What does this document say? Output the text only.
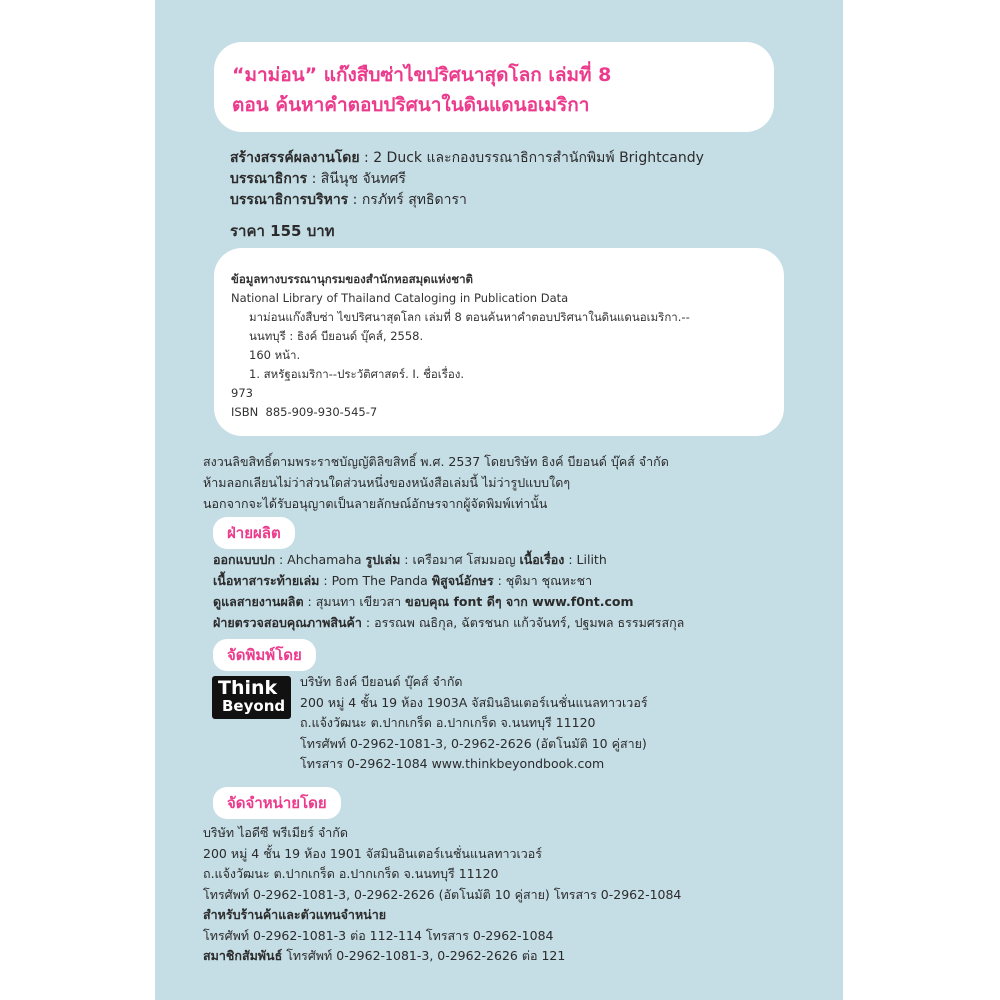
“มาม่อน” แก๊งสืบซ่าไขปริศนาสุดโลก เล่มที่ 8
ตอน ค้นหาคำตอบปริศนาในดินแดนอเมริกา
สร้างสรรค์ผลงานโดย : 2 Duck และกองบรรณาธิการสำนักพิมพ์ Brightcandy
บรรณาธิการ : สินีนุช จันทศรี
บรรณาธิการบริหาร : กรภัทร์ สุทธิดารา
ราคา 155 บาท
ข้อมูลทางบรรณานุกรมของสำนักหอสมุดแห่งชาติ
National Library of Thailand Cataloging in Publication Data
มาม่อนแก๊งสืบซ่า ไขปริศนาสุดโลก เล่มที่ 8 ตอนค้นหาคำตอบปริศนาในดินแดนอเมริกา.--
นนทบุรี : ธิงค์ บียอนด์ บุ๊คส์, 2558.
160 หน้า.
1. สหรัฐอเมริกา--ประวัติศาสตร์. I. ชื่อเรื่อง.
973
ISBN 885-909-930-545-7
สงวนลิขสิทธิ์ตามพระราชบัญญัติลิขสิทธิ์ พ.ศ. 2537 โดยบริษัท ธิงค์ บียอนด์ บุ๊คส์ จำกัด
ห้ามลอกเลียนไม่ว่าส่วนใดส่วนหนึ่งของหนังสือเล่มนี้ ไม่ว่ารูปแบบใดๆ
นอกจากจะได้รับอนุญาตเป็นลายลักษณ์อักษรจากผู้จัดพิมพ์เท่านั้น
ฝ่ายผลิต
ออกแบบปก : Ahchamaha รูปเล่ม : เครือมาศ โสมมอญ เนื้อเรื่อง : Lilith
เนื้อหาสาระท้ายเล่ม : Pom The Panda พิสูจน์อักษร : ชุติมา ชุณหะชา
ดูแลสายงานผลิต : สุมนทา เขียวสา ขอบคุณ font ดีๆ จาก www.f0nt.com
ฝ่ายตรวจสอบคุณภาพสินค้า : อรรณพ ณธิกุล, ฉัตรชนก แก้วจันทร์, ปฐมพล ธรรมศรสกุล
จัดพิมพ์โดย
Think
Beyond
บริษัท ธิงค์ บียอนด์ บุ๊คส์ จำกัด
200 หมู่ 4 ชั้น 19 ห้อง 1903A จัสมินอินเตอร์เนชั่นแนลทาวเวอร์
ถ.แจ้งวัฒนะ ต.ปากเกร็ด อ.ปากเกร็ด จ.นนทบุรี 11120
โทรศัพท์ 0-2962-1081-3, 0-2962-2626 (อัตโนมัติ 10 คู่สาย)
โทรสาร 0-2962-1084 www.thinkbeyondbook.com
จัดจำหน่ายโดย
บริษัท ไอดีซี พรีเมียร์ จำกัด
200 หมู่ 4 ชั้น 19 ห้อง 1901 จัสมินอินเตอร์เนชั่นแนลทาวเวอร์
ถ.แจ้งวัฒนะ ต.ปากเกร็ด อ.ปากเกร็ด จ.นนทบุรี 11120
โทรศัพท์ 0-2962-1081-3, 0-2962-2626 (อัตโนมัติ 10 คู่สาย) โทรสาร 0-2962-1084
สำหรับร้านค้าและตัวแทนจำหน่าย
โทรศัพท์ 0-2962-1081-3 ต่อ 112-114 โทรสาร 0-2962-1084
สมาชิกสัมพันธ์ โทรศัพท์ 0-2962-1081-3, 0-2962-2626 ต่อ 121
